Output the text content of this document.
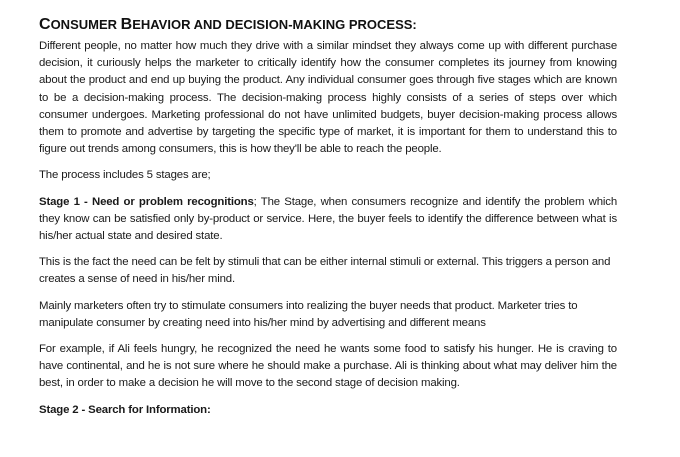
CONSUMER BEHAVIOR AND DECISION-MAKING PROCESS:

Different people, no matter how much they drive with a similar mindset they always come up with different purchase decision, it curiously helps the marketer to critically identify how the consumer completes its journey from knowing about the product and end up buying the product. Any individual consumer goes through five stages which are known to be a decision-making process. The decision-making process highly consists of a series of steps over which consumer undergoes. Marketing professional do not have unlimited budgets, buyer decision-making process allows them to promote and advertise by targeting the specific type of market, it is important for them to understand this to figure out trends among consumers, this is how they'll be able to reach the people.

The process includes 5 stages are;

Stage 1 - Need or problem recognitions; The Stage, when consumers recognize and identify the problem which they know can be satisfied only by-product or service. Here, the buyer feels to identify the difference between what is his/her actual state and desired state.

This is the fact the need can be felt by stimuli that can be either internal stimuli or external. This triggers a person and creates a sense of need in his/her mind.

Mainly marketers often try to stimulate consumers into realizing the buyer needs that product. Marketer tries to manipulate consumer by creating need into his/her mind by advertising and different means

For example, if Ali feels hungry, he recognized the need he wants some food to satisfy his hunger. He is craving to have continental, and he is not sure where he should make a purchase. Ali is thinking about what may deliver him the best, in order to make a decision he will move to the second stage of decision making.

Stage 2 - Search for Information:
